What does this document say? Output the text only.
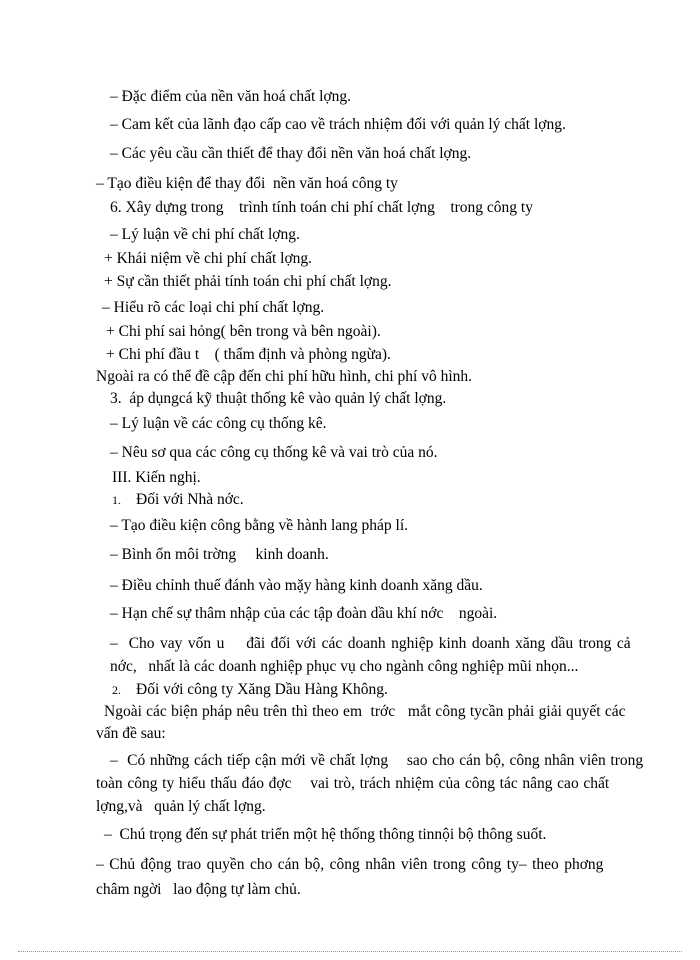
– Đặc điểm của nền văn hoá chất lợng.
– Cam kết của lãnh đạo cấp cao về trách nhiệm đối với quản lý chất lợng.
– Các yêu cầu cần thiết để thay đổi nền văn hoá chất lợng.
– Tạo điều kiện để thay đổi  nền văn hoá công ty
6. Xây dựng trong    trình tính toán chi phí chất lợng    trong công ty
– Lý luận về chi phí chất lợng.
+ Khái niệm về chi phí chất lợng.
+ Sự cần thiết phải tính toán chi phí chất lợng.
– Hiểu rõ các loại chi phí chất lợng.
+ Chi phí sai hỏng( bên trong và bên ngoài).
+ Chi phí đầu t    ( thẩm định và phòng ngừa).
Ngoài ra có thể đề cập đến chi phí hữu hình, chi phí vô hình.
3.  áp dụngcá kỹ thuật thống kê vào quản lý chất lợng.
– Lý luận về các công cụ thống kê.
– Nêu sơ qua các công cụ thống kê và vai trò của nó.
III. Kiến nghị.
1. Đối với Nhà nớc.
– Tạo điều kiện công bằng về hành lang pháp lí.
– Bình ổn môi trờng     kinh doanh.
– Điều chỉnh thuế đánh vào mặy hàng kinh doanh xăng dầu.
– Hạn chế sự thâm nhập của các tập đoàn dầu khí nớc    ngoài.
–  Cho vay vốn u    đãi đối với các doanh nghiệp kinh doanh xăng dầu trong cả
nớc,   nhất là các doanh nghiệp phục vụ cho ngành công nghiệp mũi nhọn...
2. Đối với công ty Xăng Dầu Hàng Không.
Ngoài các biện pháp nêu trên thì theo em  trớc   mắt công tycần phải giải quyết các
vấn đề sau:
–  Có những cách tiếp cận mới về chất lợng    sao cho cán bộ, công nhân viên trong
toàn công ty hiểu thấu đáo đợc    vai trò, trách nhiệm của công tác nâng cao chất
lợng,và   quản lý chất lợng.
–  Chú trọng đến sự phát triển một hệ thống thông tinnội bộ thông suốt.
– Chủ động trao quyền cho cán bộ, công nhân viên trong công ty– theo phơng
châm ngời   lao động tự làm chủ.
